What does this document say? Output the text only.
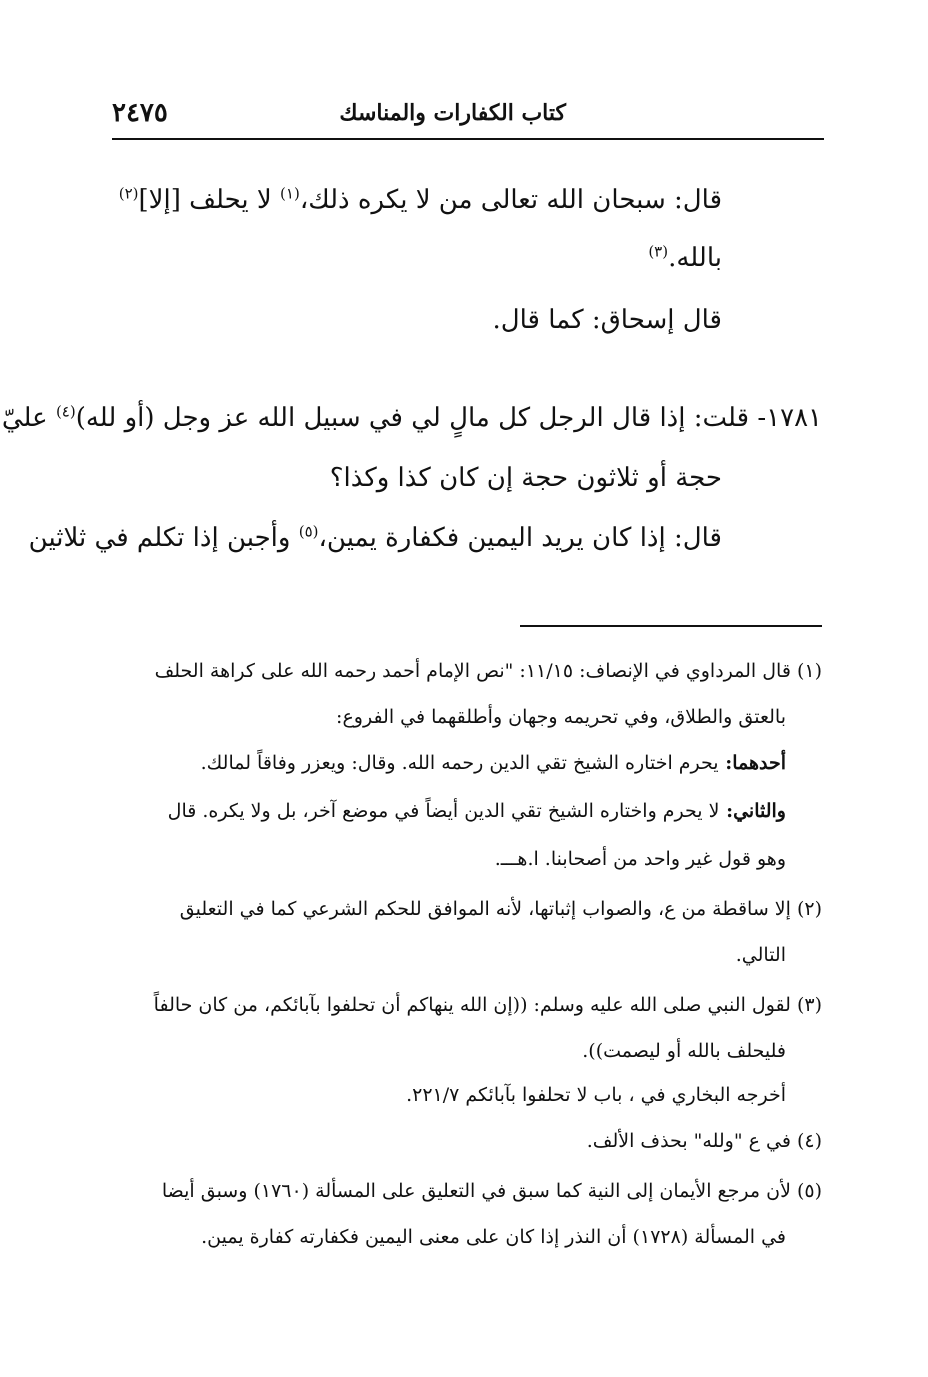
كتاب الكفارات والمناسك
٢٤٧٥
قال: سبحان الله تعالى من لا يكره ذلك،$^{(١)}$ لا يحلف [إلا]$^{(٢)}$
بالله.$^{(٣)}$
قال إسحاق: كما قال.
١٧٨١- قلت: إذا قال الرجل كل مالٍ لي في سبيل الله عز وجل (أو لله)$^{(٤)}$ عليّ
حجة أو ثلاثون حجة إن كان كذا وكذا؟
قال: إذا كان يريد اليمين فكفارة يمين،$^{(٥)}$ وأجبن إذا تكلم في ثلاثين
(١) قال المرداوي في الإنصاف: ١١/١٥: "نص الإمام أحمد رحمه الله على كراهة الحلف
بالعتق والطلاق، وفي تحريمه وجهان وأطلقهما في الفروع:
أحدهما: يحرم اختاره الشيخ تقي الدين رحمه الله. وقال: ويعزر وفاقاً لمالك.
والثاني: لا يحرم واختاره الشيخ تقي الدين أيضاً في موضع آخر، بل ولا يكره. قال
وهو قول غير واحد من أصحابنا. ا.هـــ.
(٢) إلا ساقطة من ع، والصواب إثباتها، لأنه الموافق للحكم الشرعي كما في التعليق
التالي.
(٣) لقول النبي صلى الله عليه وسلم: ((إن الله ينهاكم أن تحلفوا بآبائكم، من كان حالفاً
فليحلف بالله أو ليصمت)).
أخرجه البخاري في ، باب لا تحلفوا بآبائكم ٢٢١/٧.
(٤) في ع "ولله" بحذف الألف.
(٥) لأن مرجع الأيمان إلى النية كما سبق في التعليق على المسألة (١٧٦٠) وسبق أيضا
في المسألة (١٧٢٨) أن النذر إذا كان على معنى اليمين فكفارته كفارة يمين.
